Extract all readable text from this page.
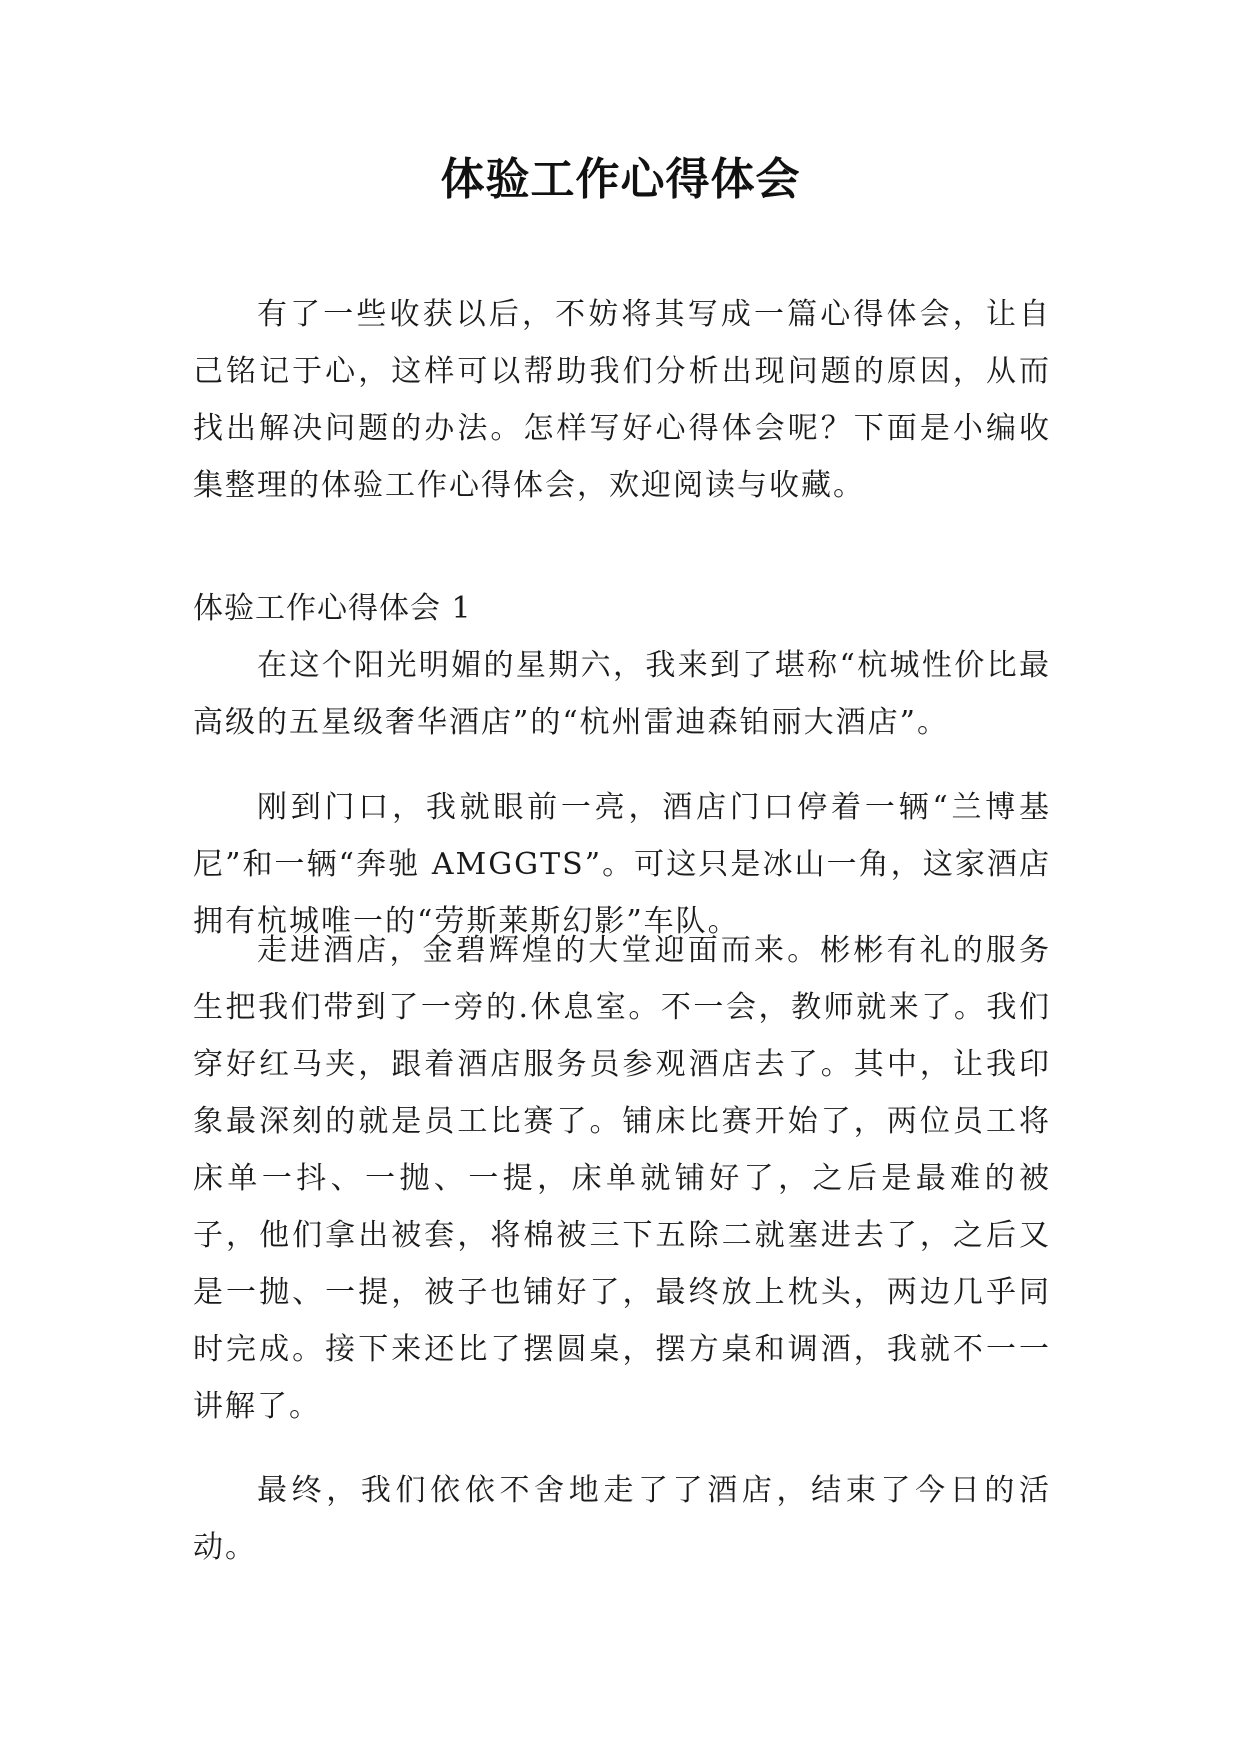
体验工作心得体会

有了一些收获以后，不妨将其写成一篇心得体会，让自己铭记于心，这样可以帮助我们分析出现问题的原因，从而找出解决问题的办法。怎样写好心得体会呢？下面是小编收集整理的体验工作心得体会，欢迎阅读与收藏。

体验工作心得体会 1

在这个阳光明媚的星期六，我来到了堪称“杭城性价比最高级的五星级奢华酒店”的“杭州雷迪森铂丽大酒店”。

刚到门口，我就眼前一亮，酒店门口停着一辆“兰博基尼”和一辆“奔驰 AMGGTS”。可这只是冰山一角，这家酒店拥有杭城唯一的“劳斯莱斯幻影”车队。

走进酒店，金碧辉煌的大堂迎面而来。彬彬有礼的服务生把我们带到了一旁的.休息室。不一会，教师就来了。我们穿好红马夹，跟着酒店服务员参观酒店去了。其中，让我印象最深刻的就是员工比赛了。铺床比赛开始了，两位员工将床单一抖、一抛、一提，床单就铺好了，之后是最难的被子，他们拿出被套，将棉被三下五除二就塞进去了，之后又是一抛、一提，被子也铺好了，最终放上枕头，两边几乎同时完成。接下来还比了摆圆桌，摆方桌和调酒，我就不一一讲解了。

最终，我们依依不舍地走了了酒店，结束了今日的活动。
